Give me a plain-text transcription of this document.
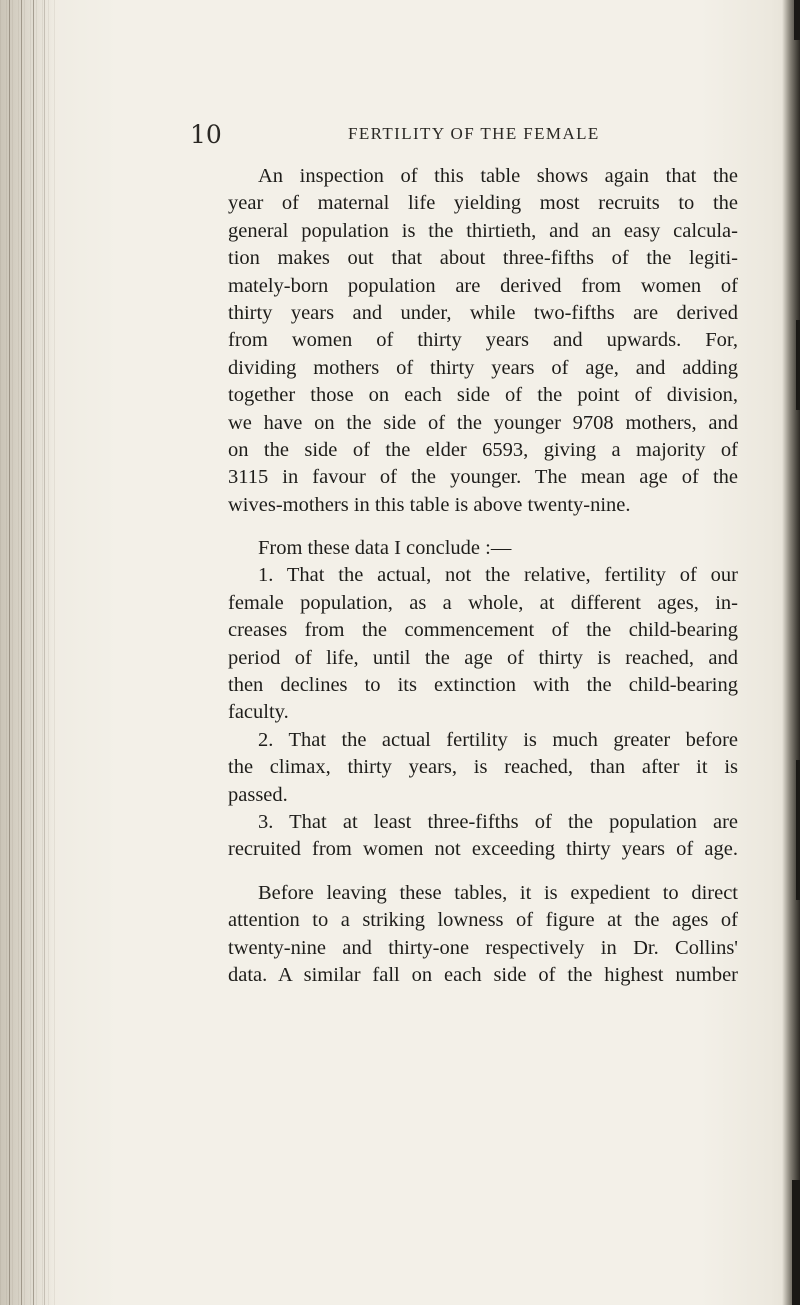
10	FERTILITY OF THE FEMALE
An inspection of this table shows again that the
year of maternal life yielding most recruits to the
general population is the thirtieth, and an easy calcula-
tion makes out that about three-fifths of the legiti-
mately-born population are derived from women of
thirty years and under, while two-fifths are derived
from women of thirty years and upwards. For,
dividing mothers of thirty years of age, and adding
together those on each side of the point of division,
we have on the side of the younger 9708 mothers, and
on the side of the elder 6593, giving a majority of
3115 in favour of the younger. The mean age of the
wives-mothers in this table is above twenty-nine.
From these data I conclude :—
1. That the actual, not the relative, fertility of our
female population, as a whole, at different ages, in-
creases from the commencement of the child-bearing
period of life, until the age of thirty is reached, and
then declines to its extinction with the child-bearing
faculty.
2. That the actual fertility is much greater before
the climax, thirty years, is reached, than after it is
passed.
3. That at least three-fifths of the population are
recruited from women not exceeding thirty years of age.
Before leaving these tables, it is expedient to direct
attention to a striking lowness of figure at the ages of
twenty-nine and thirty-one respectively in Dr. Collins'
data. A similar fall on each side of the highest number
